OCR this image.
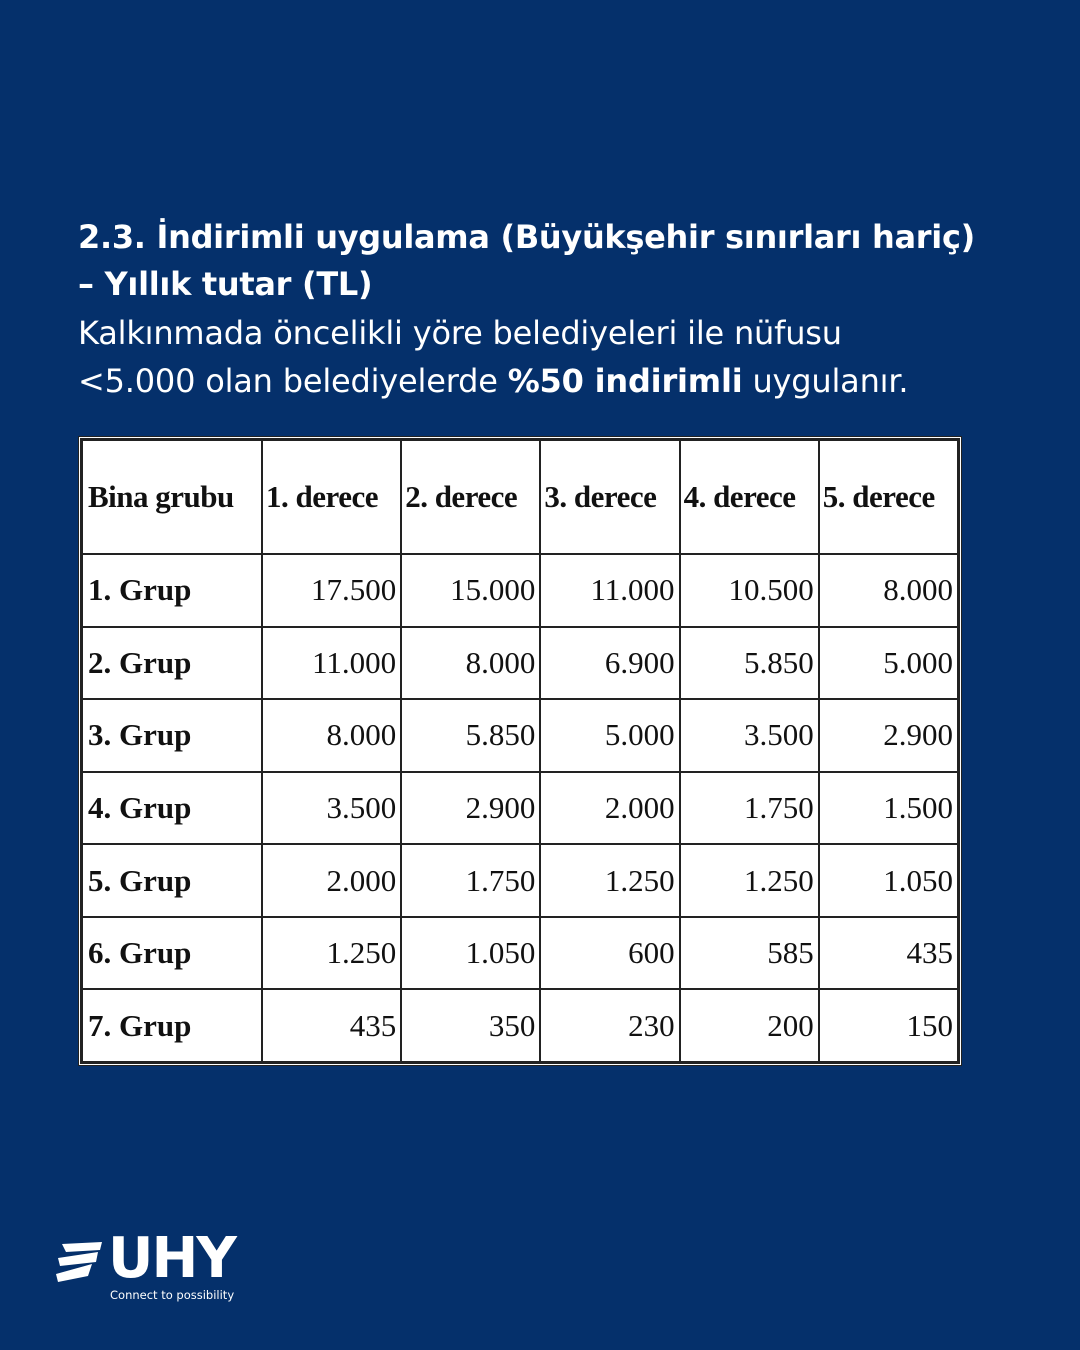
2.3. İndirimli uygulama (Büyükşehir sınırları hariç)
– Yıllık tutar (TL)
Kalkınmada öncelikli yöre belediyeleri ile nüfusu
<5.000 olan belediyelerde %50 indirimli uygulanır.
Bina grubu	1. derece	2. derece	3. derece	4. derece	5. derece
1. Grup	17.500	15.000	11.000	10.500	8.000
2. Grup	11.000	8.000	6.900	5.850	5.000
3. Grup	8.000	5.850	5.000	3.500	2.900
4. Grup	3.500	2.900	2.000	1.750	1.500
5. Grup	2.000	1.750	1.250	1.250	1.050
6. Grup	1.250	1.050	600	585	435
7. Grup	435	350	230	200	150
UHY
Connect to possibility
